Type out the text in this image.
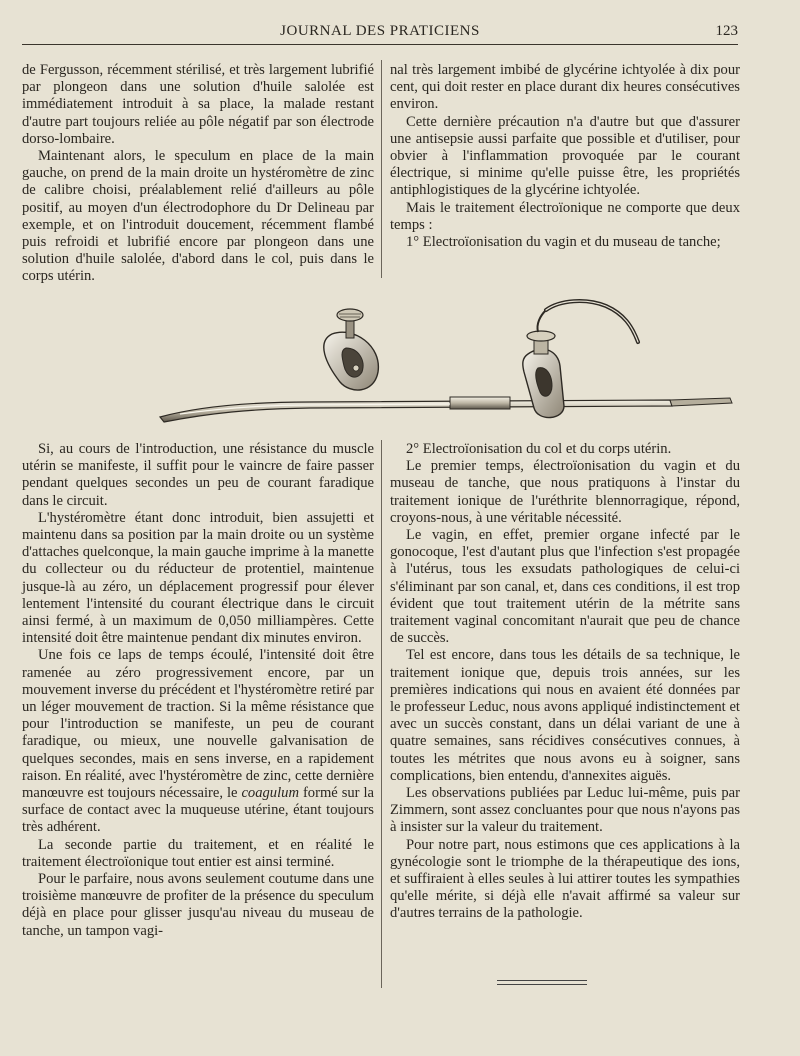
JOURNAL DES PRATICIENS	123

de Fergusson, récemment stérilisé, et très largement lubrifié par plongeon dans une solution d'huile salolée est immédiatement introduit à sa place, la malade restant d'autre part toujours reliée au pôle négatif par son électrode dorso-lombaire.

Maintenant alors, le speculum en place de la main gauche, on prend de la main droite un hystéromètre de zinc de calibre choisi, préalablement relié d'ailleurs au pôle positif, au moyen d'un électrodophore du Dr Delineau par exemple, et on l'introduit doucement, récemment flambé puis refroidi et lubrifié encore par plongeon dans une solution d'huile salolée, d'abord dans le col, puis dans le corps utérin.

nal très largement imbibé de glycérine ichtyolée à dix pour cent, qui doit rester en place durant dix heures consécutives environ.

Cette dernière précaution n'a d'autre but que d'assurer une antisepsie aussi parfaite que possible et d'utiliser, pour obvier à l'inflammation provoquée par le courant électrique, si minime qu'elle puisse être, les propriétés antiphlogistiques de la glycérine ichtyolée.

Mais le traitement électroïonique ne comporte que deux temps :

1° Electroïonisation du vagin et du museau de tanche;

Si, au cours de l'introduction, une résistance du muscle utérin se manifeste, il suffit pour le vaincre de faire passer pendant quelques secondes un peu de courant faradique dans le circuit.

L'hystéromètre étant donc introduit, bien assujetti et maintenu dans sa position par la main droite ou un système d'attaches quelconque, la main gauche imprime à la manette du collecteur ou du réducteur de protentiel, maintenue jusque-là au zéro, un déplacement progressif pour élever lentement l'intensité du courant électrique dans le circuit ainsi fermé, à un maximum de 0,050 milliampères. Cette intensité doit être maintenue pendant dix minutes environ.

Une fois ce laps de temps écoulé, l'intensité doit être ramenée au zéro progressivement encore, par un mouvement inverse du précédent et l'hystéromètre retiré par un léger mouvement de traction. Si la même résistance que pour l'introduction se manifeste, un peu de courant faradique, ou mieux, une nouvelle galvanisation de quelques secondes, mais en sens inverse, en a rapidement raison. En réalité, avec l'hystéromètre de zinc, cette dernière manœuvre est toujours nécessaire, le coagulum formé sur la surface de contact avec la muqueuse utérine, étant toujours très adhérent.

La seconde partie du traitement, et en réalité le traitement électroïonique tout entier est ainsi terminé.

Pour le parfaire, nous avons seulement coutume dans une troisième manœuvre de profiter de la présence du speculum déjà en place pour glisser jusqu'au niveau du museau de tanche, un tampon vagi-

2° Electroïonisation du col et du corps utérin.

Le premier temps, électroïonisation du vagin et du museau de tanche, que nous pratiquons à l'instar du traitement ionique de l'uréthrite blennorragique, répond, croyons-nous, à une véritable nécessité.

Le vagin, en effet, premier organe infecté par le gonocoque, l'est d'autant plus que l'infection s'est propagée à l'utérus, tous les exsudats pathologiques de celui-ci s'éliminant par son canal, et, dans ces conditions, il est trop évident que tout traitement utérin de la métrite sans traitement vaginal concomitant n'aurait que peu de chance de succès.

Tel est encore, dans tous les détails de sa technique, le traitement ionique que, depuis trois années, sur les premières indications qui nous en avaient été données par le professeur Leduc, nous avons appliqué indistinctement et avec un succès constant, dans un délai variant de une à quatre semaines, sans récidives consécutives connues, à toutes les métrites que nous avons eu à soigner, sans complications, bien entendu, d'annexites aiguës.

Les observations publiées par Leduc lui-même, puis par Zimmern, sont assez concluantes pour que nous n'ayons pas à insister sur la valeur du traitement.

Pour notre part, nous estimons que ces applications à la gynécologie sont le triomphe de la thérapeutique des ions, et suffiraient à elles seules à lui attirer toutes les sympathies qu'elle mérite, si déjà elle n'avait affirmé sa valeur sur d'autres terrains de la pathologie.
